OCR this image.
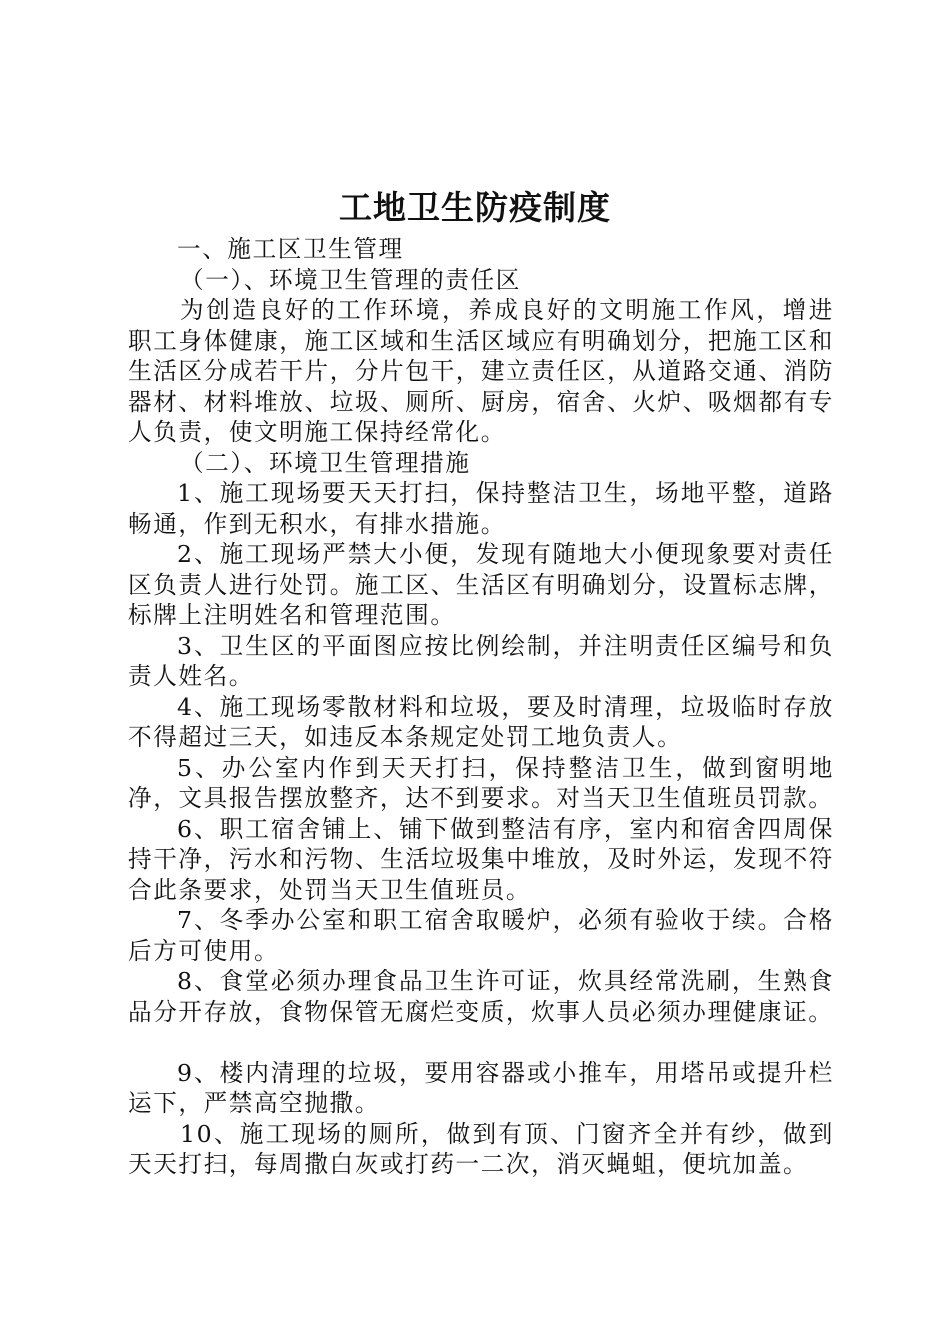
工地卫生防疫制度

一、施工区卫生管理

（一）、环境卫生管理的责任区

为创造良好的工作环境，养成良好的文明施工作风，增进职工身体健康，施工区域和生活区域应有明确划分，把施工区和生活区分成若干片，分片包干，建立责任区，从道路交通、消防器材、材料堆放、垃圾、厕所、厨房，宿舍、火炉、吸烟都有专人负责，使文明施工保持经常化。

（二）、环境卫生管理措施

1、施工现场要天天打扫，保持整洁卫生，场地平整，道路畅通，作到无积水，有排水措施。

2、施工现场严禁大小便，发现有随地大小便现象要对责任区负责人进行处罚。施工区、生活区有明确划分，设置标志牌，标牌上注明姓名和管理范围。

3、卫生区的平面图应按比例绘制，并注明责任区编号和负责人姓名。

4、施工现场零散材料和垃圾，要及时清理，垃圾临时存放不得超过三天，如违反本条规定处罚工地负责人。

5、办公室内作到天天打扫，保持整洁卫生，做到窗明地净，文具报告摆放整齐，达不到要求。对当天卫生值班员罚款。

6、职工宿舍铺上、铺下做到整洁有序，室内和宿舍四周保持干净，污水和污物、生活垃圾集中堆放，及时外运，发现不符合此条要求，处罚当天卫生值班员。

7、冬季办公室和职工宿舍取暖炉，必须有验收于续。合格后方可使用。

8、食堂必须办理食品卫生许可证，炊具经常洗刷，生熟食品分开存放，食物保管无腐烂变质，炊事人员必须办理健康证。

9、楼内清理的垃圾，要用容器或小推车，用塔吊或提升栏运下，严禁高空抛撒。

10、施工现场的厕所，做到有顶、门窗齐全并有纱，做到天天打扫，每周撒白灰或打药一二次，消灭蝇蛆，便坑加盖。
